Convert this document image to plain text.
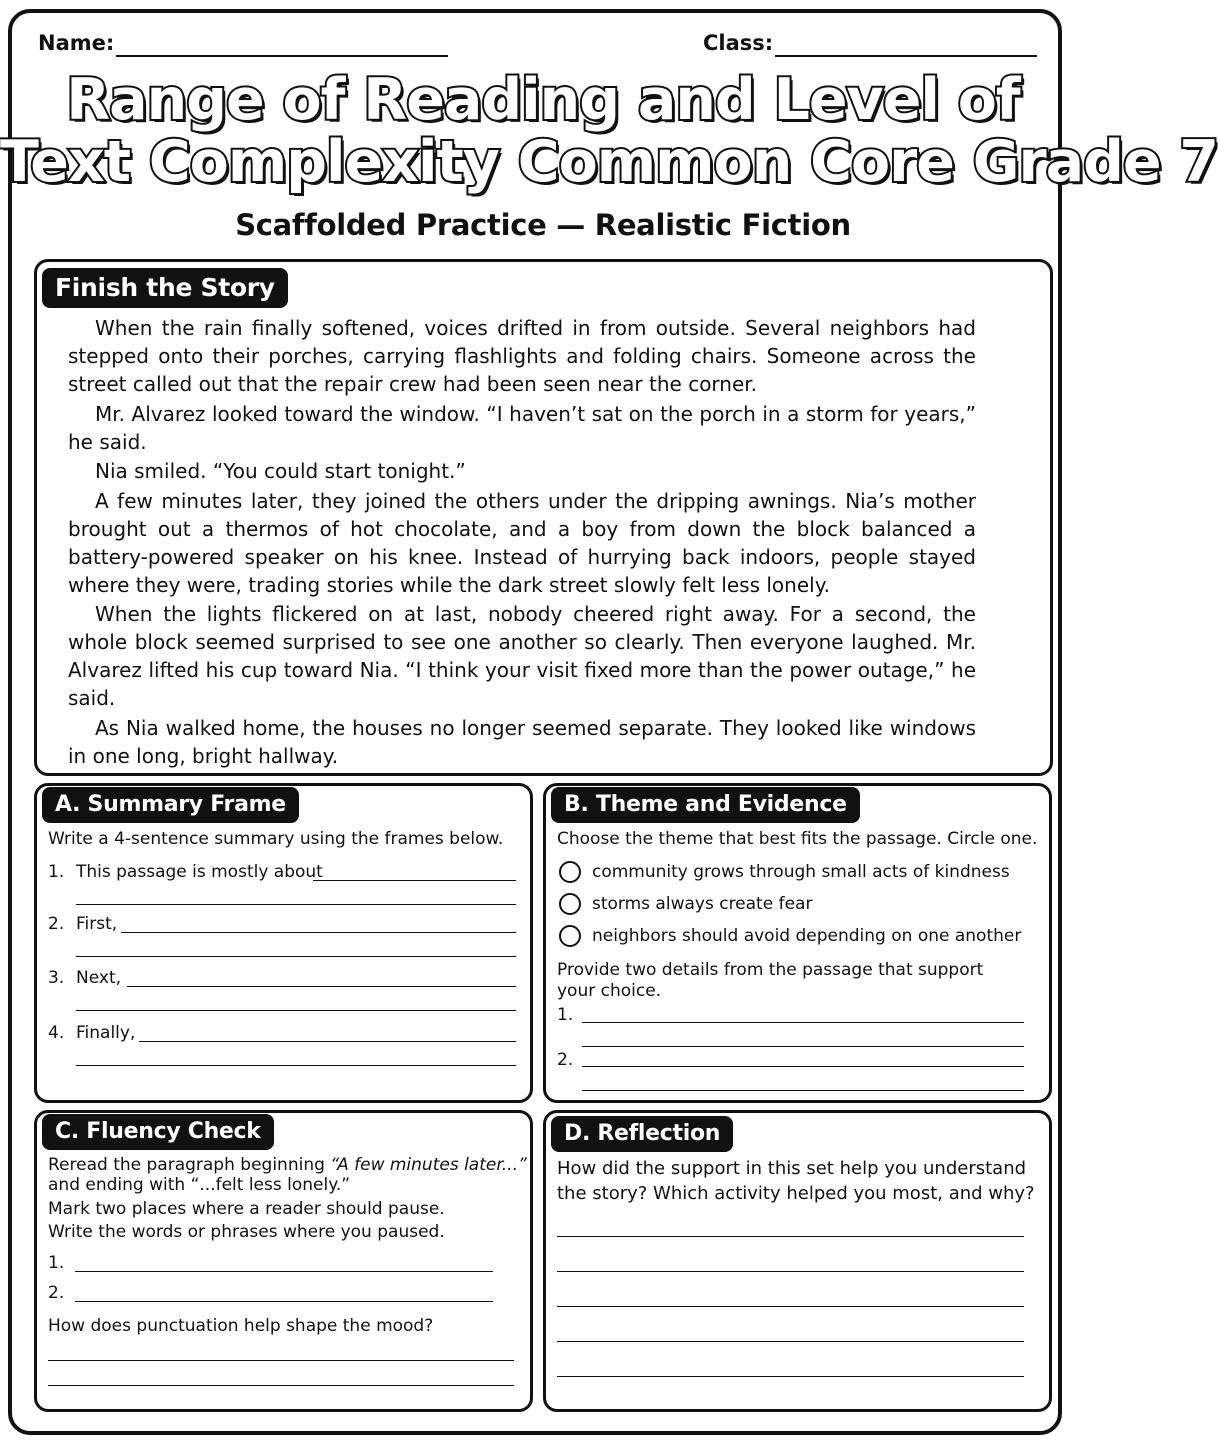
Name:	Class:
Range of Reading and Level of
Text Complexity Common Core Grade 7
Scaffolded Practice — Realistic Fiction
Finish the Story

When the rain finally softened, voices drifted in from outside. Several neighbors had stepped onto their porches, carrying flashlights and folding chairs. Someone across the street called out that the repair crew had been seen near the corner.

Mr. Alvarez looked toward the window. “I haven’t sat on the porch in a storm for years,” he said.

Nia smiled. “You could start tonight.”

A few minutes later, they joined the others under the dripping awnings. Nia’s mother brought out a thermos of hot chocolate, and a boy from down the block balanced a battery-powered speaker on his knee. Instead of hurrying back indoors, people stayed where they were, trading stories while the dark street slowly felt less lonely.

When the lights flickered on at last, nobody cheered right away. For a second, the whole block seemed surprised to see one another so clearly. Then everyone laughed. Mr. Alvarez lifted his cup toward Nia. “I think your visit fixed more than the power outage,” he said.

As Nia walked home, the houses no longer seemed separate. They looked like windows in one long, bright hallway.

A. Summary Frame
Write a 4-sentence summary using the frames below.
1. This passage is mostly about
2. First,
3. Next,
4. Finally,
B. Theme and Evidence
Choose the theme that best fits the passage. Circle one.
community grows through small acts of kindness
storms always create fear
neighbors should avoid depending on one another
Provide two details from the passage that support your choice.
1.
2.
C. Fluency Check
Reread the paragraph beginning “A few minutes later...”
and ending with “...felt less lonely.”
Mark two places where a reader should pause.
Write the words or phrases where you paused.
1.
2.
How does punctuation help shape the mood?
D. Reflection
How did the support in this set help you understand
the story? Which activity helped you most, and why?
